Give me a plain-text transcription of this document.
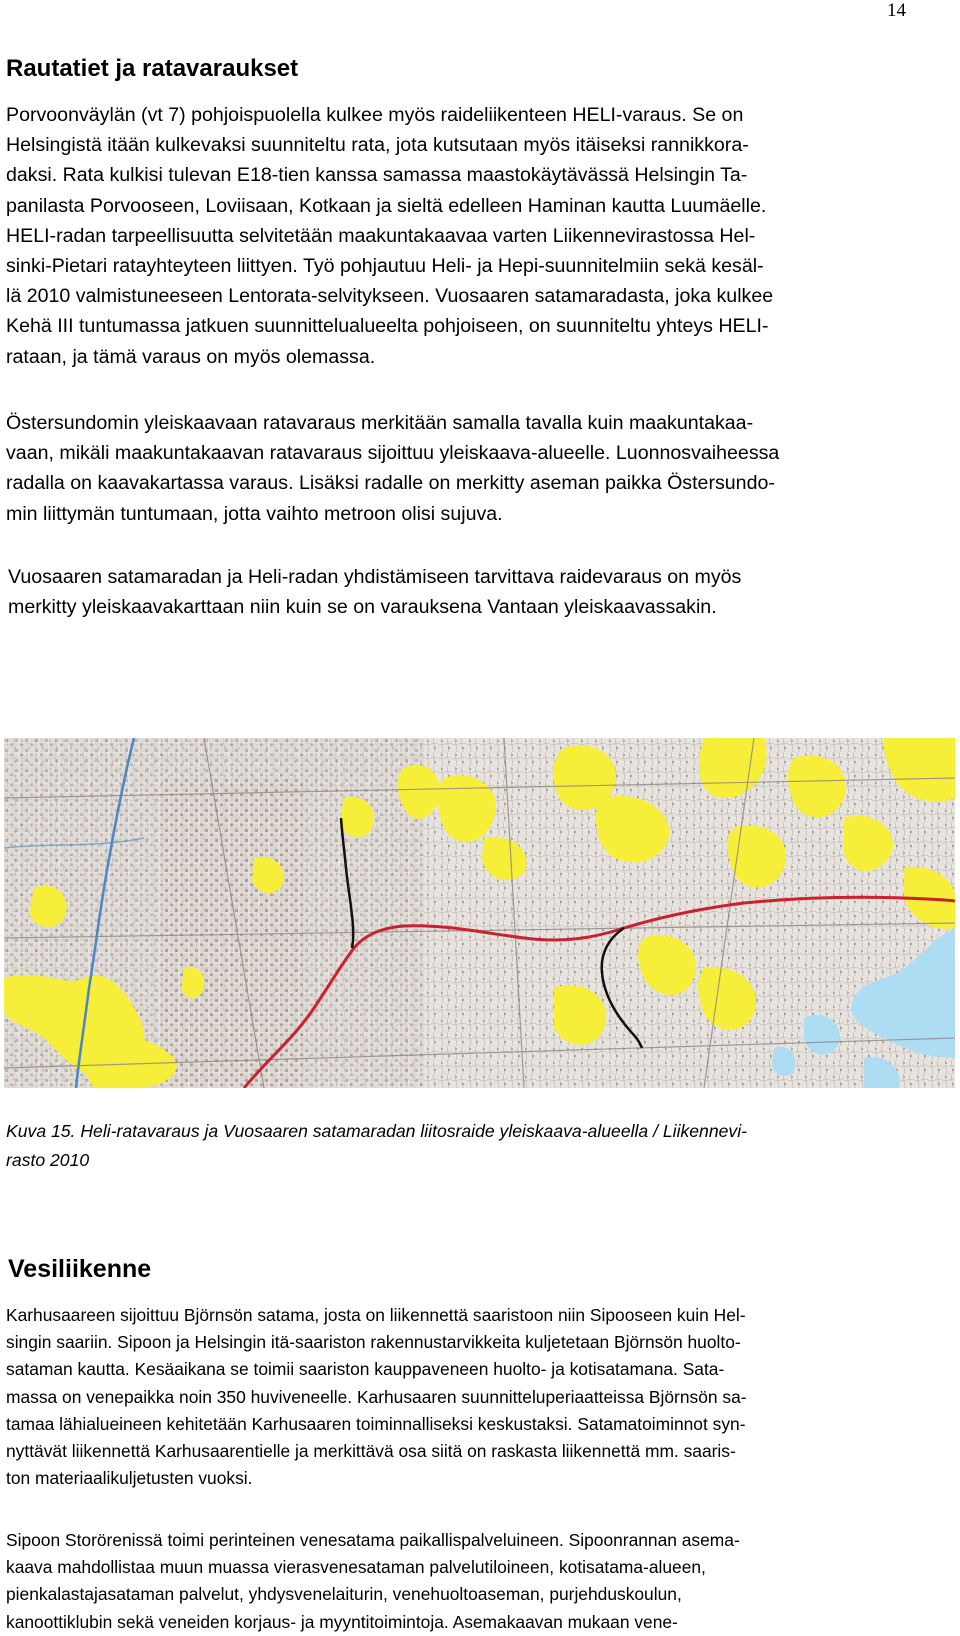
14
Rautatiet ja ratavaraukset

Porvoonväylän (vt 7) pohjoispuolella kulkee myös raideliikenteen HELI-varaus. Se on
Helsingistä itään kulkevaksi suunniteltu rata, jota kutsutaan myös itäiseksi rannikkora-
daksi. Rata kulkisi tulevan E18-tien kanssa samassa maastokäytävässä Helsingin Ta-
panilasta Porvooseen, Loviisaan, Kotkaan ja sieltä edelleen Haminan kautta Luumäelle.
HELI-radan tarpeellisuutta selvitetään maakuntakaavaa varten Liikennevirastossa Hel-
sinki-Pietari ratayhteyteen liittyen. Työ pohjautuu Heli- ja Hepi-suunnitelmiin sekä kesäl-
lä 2010 valmistuneeseen Lentorata-selvitykseen. Vuosaaren satamaradasta, joka kulkee
Kehä III tuntumassa jatkuen suunnittelualueelta pohjoiseen, on suunniteltu yhteys HELI-
rataan, ja tämä varaus on myös olemassa.

Östersundomin yleiskaavaan ratavaraus merkitään samalla tavalla kuin maakuntakaa-
vaan, mikäli maakuntakaavan ratavaraus sijoittuu yleiskaava-alueelle. Luonnosvaiheessa
radalla on kaavakartassa varaus. Lisäksi radalle on merkitty aseman paikka Östersundo-
min liittymän tuntumaan, jotta vaihto metroon olisi sujuva.

Vuosaaren satamaradan ja Heli-radan yhdistämiseen tarvittava raidevaraus on myös
merkitty yleiskaavakarttaan niin kuin se on varauksena Vantaan yleiskaavassakin.

Kuva 15. Heli-ratavaraus ja Vuosaaren satamaradan liitosraide yleiskaava-alueella / Liikennevi-
rasto 2010
Vesiliikenne

Karhusaareen sijoittuu Björnsön satama, josta on liikennettä saaristoon niin Sipooseen kuin Hel-
singin saariin. Sipoon ja Helsingin itä-saariston rakennustarvikkeita kuljetetaan Björnsön huolto-
sataman kautta. Kesäaikana se toimii saariston kauppaveneen huolto- ja kotisatamana. Sata-
massa on venepaikka noin 350 huviveneelle. Karhusaaren suunnitteluperiaatteissa Björnsön sa-
tamaa lähialueineen kehitetään Karhusaaren toiminnalliseksi keskustaksi. Satamatoiminnot syn-
nyttävät liikennettä Karhusaarentielle ja merkittävä osa siitä on raskasta liikennettä mm. saaris-
ton materiaalikuljetusten vuoksi.

Sipoon Storörenissä toimi perinteinen venesatama paikallispalveluineen. Sipoonrannan asema-
kaava mahdollistaa muun muassa vierasvenesataman palvelutiloineen, kotisatama-alueen,
pienkalastajasataman palvelut, yhdysvenelaiturin, venehuoltoaseman, purjehduskoulun,
kanoottiklubin sekä veneiden korjaus- ja myyntitoimintoja. Asemakaavan mukaan vene-
